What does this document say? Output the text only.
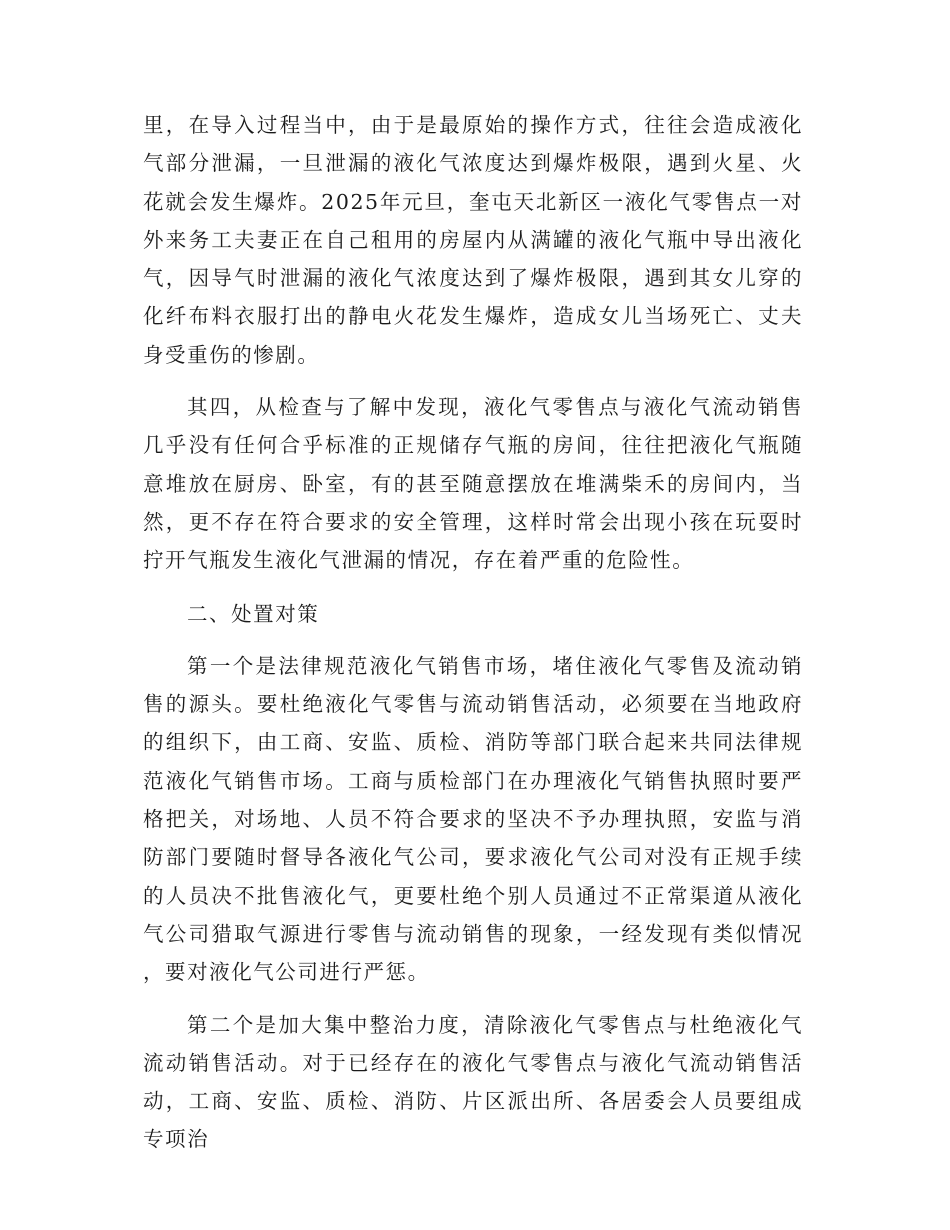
里，在导入过程当中，由于是最原始的操作方式，往往会造成液化气部分泄漏，一旦泄漏的液化气浓度达到爆炸极限，遇到火星、火花就会发生爆炸。2025年元旦，奎屯天北新区一液化气零售点一对外来务工夫妻正在自己租用的房屋内从满罐的液化气瓶中导出液化气，因导气时泄漏的液化气浓度达到了爆炸极限，遇到其女儿穿的化纤布料衣服打出的静电火花发生爆炸，造成女儿当场死亡、丈夫身受重伤的惨剧。

其四，从检查与了解中发现，液化气零售点与液化气流动销售几乎没有任何合乎标准的正规储存气瓶的房间，往往把液化气瓶随意堆放在厨房、卧室，有的甚至随意摆放在堆满柴禾的房间内，当然，更不存在符合要求的安全管理，这样时常会出现小孩在玩耍时拧开气瓶发生液化气泄漏的情况，存在着严重的危险性。

二、处置对策

第一个是法律规范液化气销售市场，堵住液化气零售及流动销售的源头。要杜绝液化气零售与流动销售活动，必须要在当地政府的组织下，由工商、安监、质检、消防等部门联合起来共同法律规范液化气销售市场。工商与质检部门在办理液化气销售执照时要严格把关，对场地、人员不符合要求的坚决不予办理执照，安监与消防部门要随时督导各液化气公司，要求液化气公司对没有正规手续的人员决不批售液化气，更要杜绝个别人员通过不正常渠道从液化气公司猎取气源进行零售与流动销售的现象，一经发现有类似情况，要对液化气公司进行严惩。

第二个是加大集中整治力度，清除液化气零售点与杜绝液化气流动销售活动。对于已经存在的液化气零售点与液化气流动销售活动，工商、安监、质检、消防、片区派出所、各居委会人员要组成专项治
